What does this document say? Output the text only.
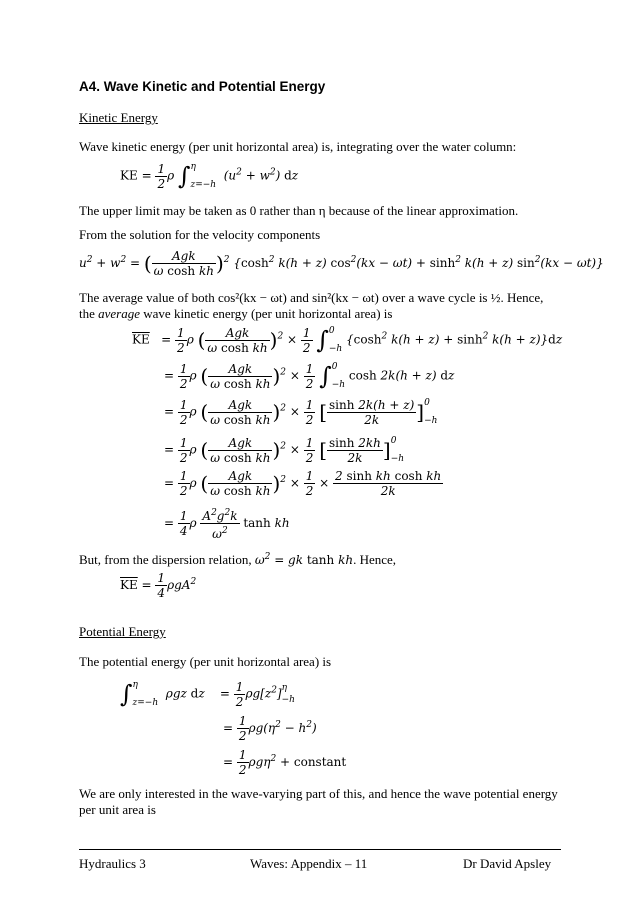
A4. Wave Kinetic and Potential Energy
Kinetic Energy
Wave kinetic energy (per unit horizontal area) is, integrating over the water column:
KE = $\frac{1}{2}$ ρ ∫ η
z=−h
$(u^2 + w^2)$ dz
The upper limit may be taken as 0 rather than η because of the linear approximation.
From the solution for the velocity components
$u^2 + w^2$ = ( $\frac{\text{Agk}}{\text{ω cosh kh}} )^2$ {$\cosh^2$ k(h + z) $\cos^2(kx - \omega t) + \sinh^2 k(h + z) \sin^2(kx - \omega t)$}
The average value of both cos²(kx − ωt) and sin²(kx − ωt) over a wave cycle is ½. Hence,
the average wave kinetic energy (per unit horizontal area) is
$\overline{KE} = \frac{1}{2}$ ρ ( $\frac{\text{Agk}}{\text{ω cosh kh}} )^2 \times \frac{1}{2}$ ∫ 0
−h
{$\cosh^2$ $k(h + z) + \sinh^2 k(h + z)\}dz$
= $\frac{1}{2}$ ρ ( $\frac{\text{Agk}}{\text{ω cosh kh}} )^2 \times \frac{1}{2}$ ∫ 0
−h
cosh 2k(h + z) dz
= $\frac{1}{2}$ ρ ( $\frac{\text{Agk}}{\text{ω cosh kh}} )^2 \times \frac{1}{2}$ [ $\frac{\sinh 2k(h + z)}{2k}$ ] 0
−h
= $\frac{1}{2}$ ρ ( $\frac{\text{Agk}}{\text{ω cosh kh}} )^2 \times \frac{1}{2}$ [ $\frac{\sinh 2kh}{2k}$ ] 0
−h
= $\frac{1}{2}$ ρ ( $\frac{\text{Agk}}{\text{ω cosh kh}} )^2 \times \frac{1}{2} \times \frac{\text{2 sinh kh cosh kh}}{2k}$
= $\frac{1}{4}$ ρ $\frac{A^2g^2k}{\omega^2}$ tanh kh
But, from the dispersion relation, $\omega^2$ = gk tanh kh. Hence,
$\overline{KE} = \frac{1}{4} \rho gA^2$
Potential Energy
The potential energy (per unit horizontal area) is
∫ η
z=−h
ρgz dz    = $\frac{1}{2} \rho g[z^2]$ η
−h
= $\frac{1}{2} \rho g(\eta^2 - h^2)$
= $\frac{1}{2} \rho g\eta^2$ + constant
We are only interested in the wave-varying part of this, and hence the wave potential energy
per unit area is
Hydraulics 3	Waves: Appendix – 11	Dr David Apsley
